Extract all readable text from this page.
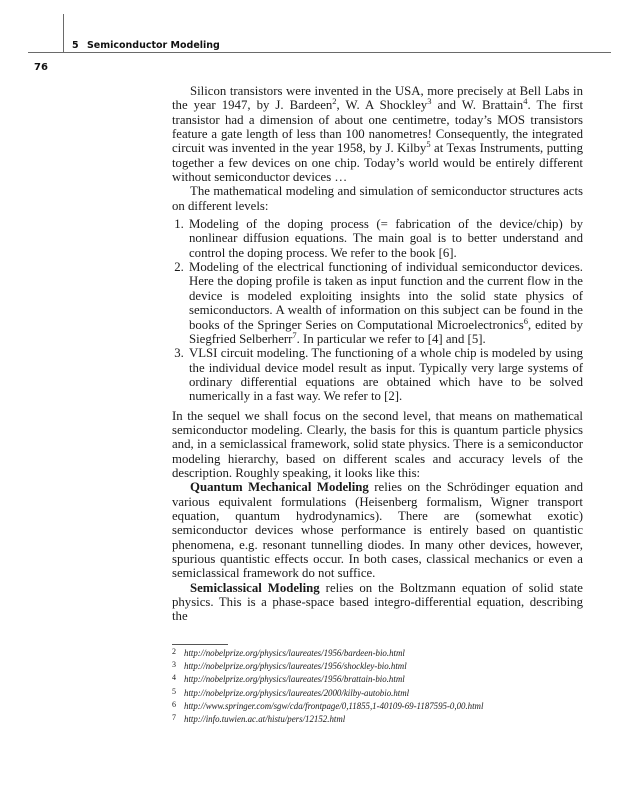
5 Semiconductor Modeling
76

Silicon transistors were invented in the USA, more precisely at Bell Labs in the year 1947, by J. Bardeen$^2$, W. A Shockley$^3$ and W. Brattain$^4$. The first transistor had a dimension of about one centimetre, today’s MOS transistors feature a gate length of less than 100 nanometres! Consequently, the integrated circuit was invented in the year 1958, by J. Kilby$^5$ at Texas Instruments, putting together a few devices on one chip. Today’s world would be entirely different without semiconductor devices …

The mathematical modeling and simulation of semiconductor structures acts on different levels:

1. Modeling of the doping process (= fabrication of the device/chip) by nonlinear diffusion equations. The main goal is to better understand and control the doping process. We refer to the book [6].
2. Modeling of the electrical functioning of individual semiconductor devices. Here the doping profile is taken as input function and the current flow in the device is modeled exploiting insights into the solid state physics of semiconductors. A wealth of information on this subject can be found in the books of the Springer Series on Computational Microelectronics$^6$, edited by Siegfried Selberherr$^7$. In particular we refer to [4] and [5].
3. VLSI circuit modeling. The functioning of a whole chip is modeled by using the individual device model result as input. Typically very large systems of ordinary differential equations are obtained which have to be solved numerically in a fast way. We refer to [2].

In the sequel we shall focus on the second level, that means on mathematical semiconductor modeling. Clearly, the basis for this is quantum particle physics and, in a semiclassical framework, solid state physics. There is a semiconductor modeling hierarchy, based on different scales and accuracy levels of the description. Roughly speaking, it looks like this:

Quantum Mechanical Modeling relies on the Schrödinger equation and various equivalent formulations (Heisenberg formalism, Wigner transport equation, quantum hydrodynamics). There are (somewhat exotic) semiconductor devices whose performance is entirely based on quantistic phenomena, e.g. resonant tunnelling diodes. In many other devices, however, spurious quantistic effects occur. In both cases, classical mechanics or even a semiclassical framework do not suffice.

Semiclassical Modeling relies on the Boltzmann equation of solid state physics. This is a phase-space based integro-differential equation, describing the

2 http://nobelprize.org/physics/laureates/1956/bardeen-bio.html
3 http://nobelprize.org/physics/laureates/1956/shockley-bio.html
4 http://nobelprize.org/physics/laureates/1956/brattain-bio.html
5 http://nobelprize.org/physics/laureates/2000/kilby-autobio.html
6 http://www.springer.com/sgw/cda/frontpage/0,11855,1-40109-69-1187595-0,00.html
7 http://info.tuwien.ac.at/histu/pers/12152.html
